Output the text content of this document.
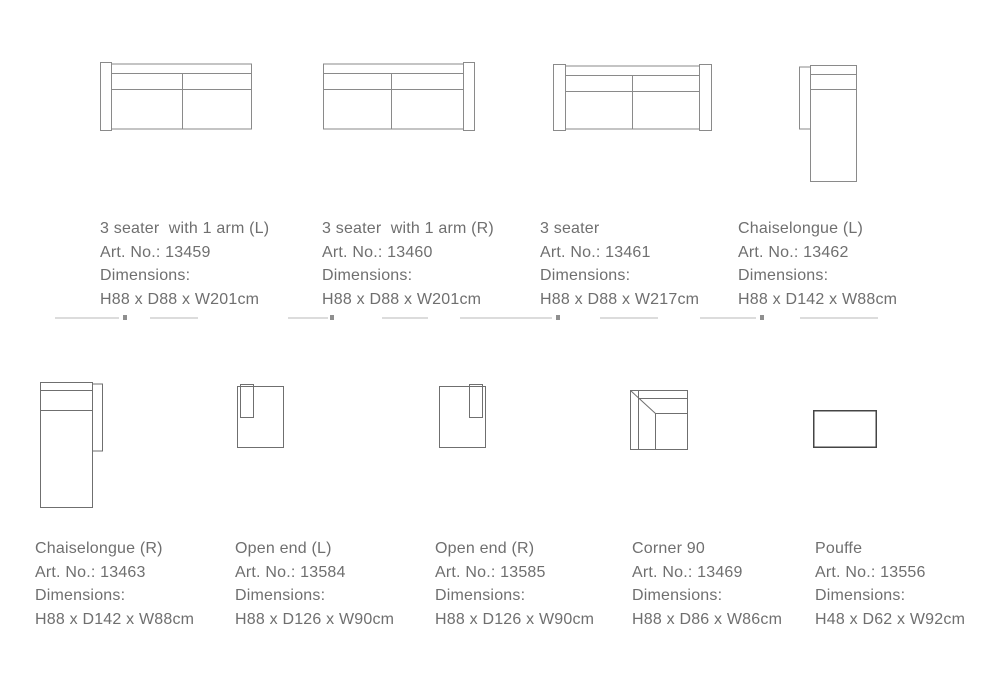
3 seater  with 1 arm (L)
Art. No.: 13459
Dimensions:
H88 x D88 x W201cm
3 seater  with 1 arm (R)
Art. No.: 13460
Dimensions:
H88 x D88 x W201cm
3 seater
Art. No.: 13461
Dimensions:
H88 x D88 x W217cm
Chaiselongue (L)
Art. No.: 13462
Dimensions:
H88 x D142 x W88cm
Chaiselongue (R)
Art. No.: 13463
Dimensions:
H88 x D142 x W88cm
Open end (L)
Art. No.: 13584
Dimensions:
H88 x D126 x W90cm
Open end (R)
Art. No.: 13585
Dimensions:
H88 x D126 x W90cm
Corner 90
Art. No.: 13469
Dimensions:
H88 x D86 x W86cm
Pouffe
Art. No.: 13556
Dimensions:
H48 x D62 x W92cm
